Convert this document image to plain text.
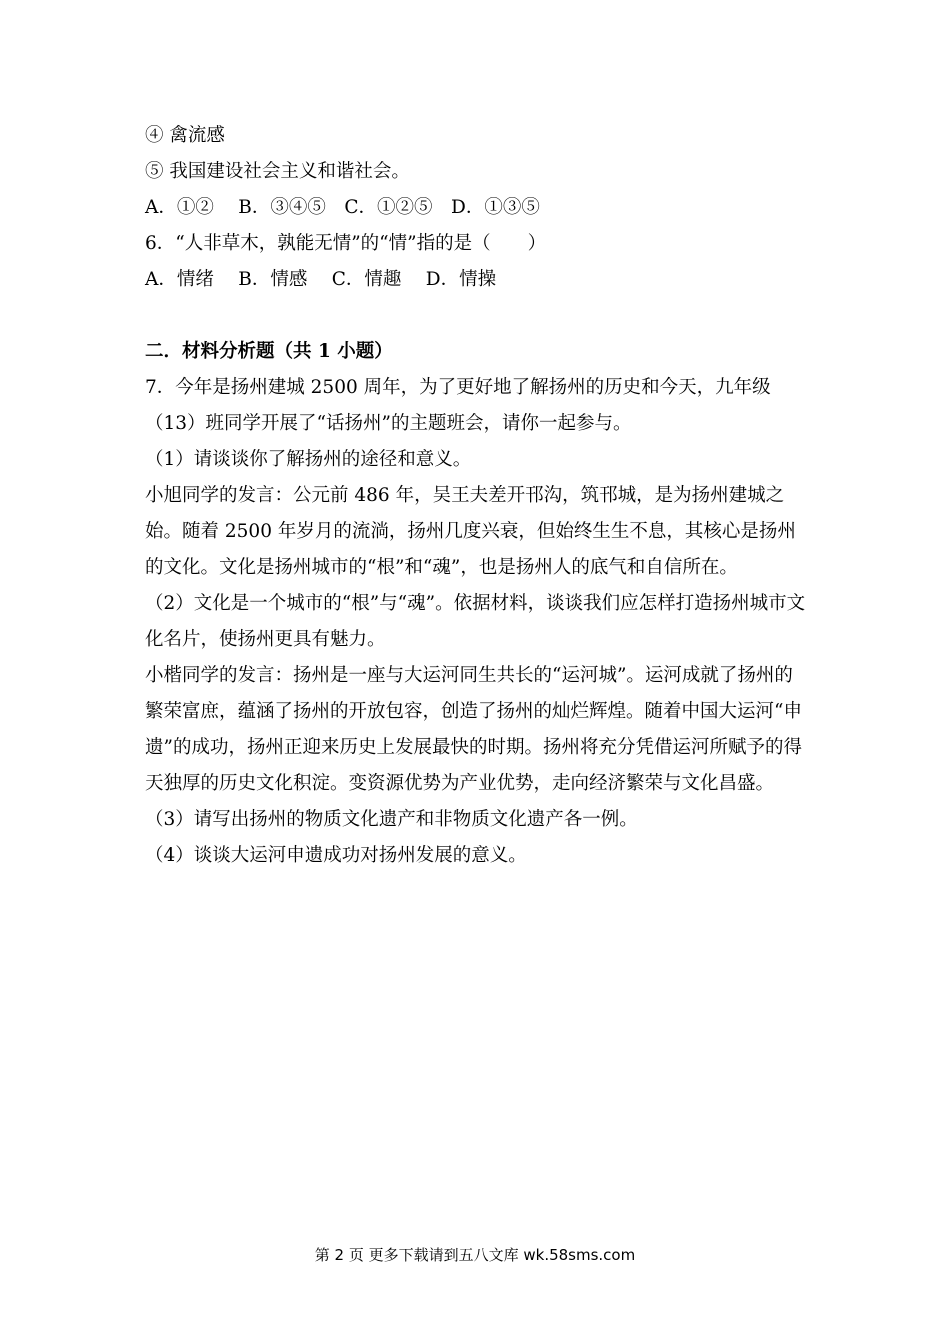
④ 禽流感
⑤ 我国建设社会主义和谐社会。
A．①②　 B．③④⑤　C．①②⑤　D．①③⑤
6．“人非草木，孰能无情”的“情”指的是（　　）
A．情绪　 B．情感　 C．情趣　 D．情操
二．材料分析题（共 1 小题）
7．今年是扬州建城 2500 周年，为了更好地了解扬州的历史和今天，九年级（13）班同学开展了“话扬州”的主题班会，请你一起参与。
（1）请谈谈你了解扬州的途径和意义。
小旭同学的发言：公元前 486 年，吴王夫差开邗沟，筑邗城，是为扬州建城之始。随着 2500 年岁月的流淌，扬州几度兴衰，但始终生生不息，其核心是扬州的文化。文化是扬州城市的“根”和“魂”，也是扬州人的底气和自信所在。
（2）文化是一个城市的“根”与“魂”。依据材料，谈谈我们应怎样打造扬州城市文化名片，使扬州更具有魅力。
小楷同学的发言：扬州是一座与大运河同生共长的“运河城”。运河成就了扬州的繁荣富庶，蕴涵了扬州的开放包容，创造了扬州的灿烂辉煌。随着中国大运河“申遗”的成功，扬州正迎来历史上发展最快的时期。扬州将充分凭借运河所赋予的得天独厚的历史文化积淀。变资源优势为产业优势，走向经济繁荣与文化昌盛。
（3）请写出扬州的物质文化遗产和非物质文化遗产各一例。
（4）谈谈大运河申遗成功对扬州发展的意义。
第 2 页 更多下载请到五八文库 wk.58sms.com
